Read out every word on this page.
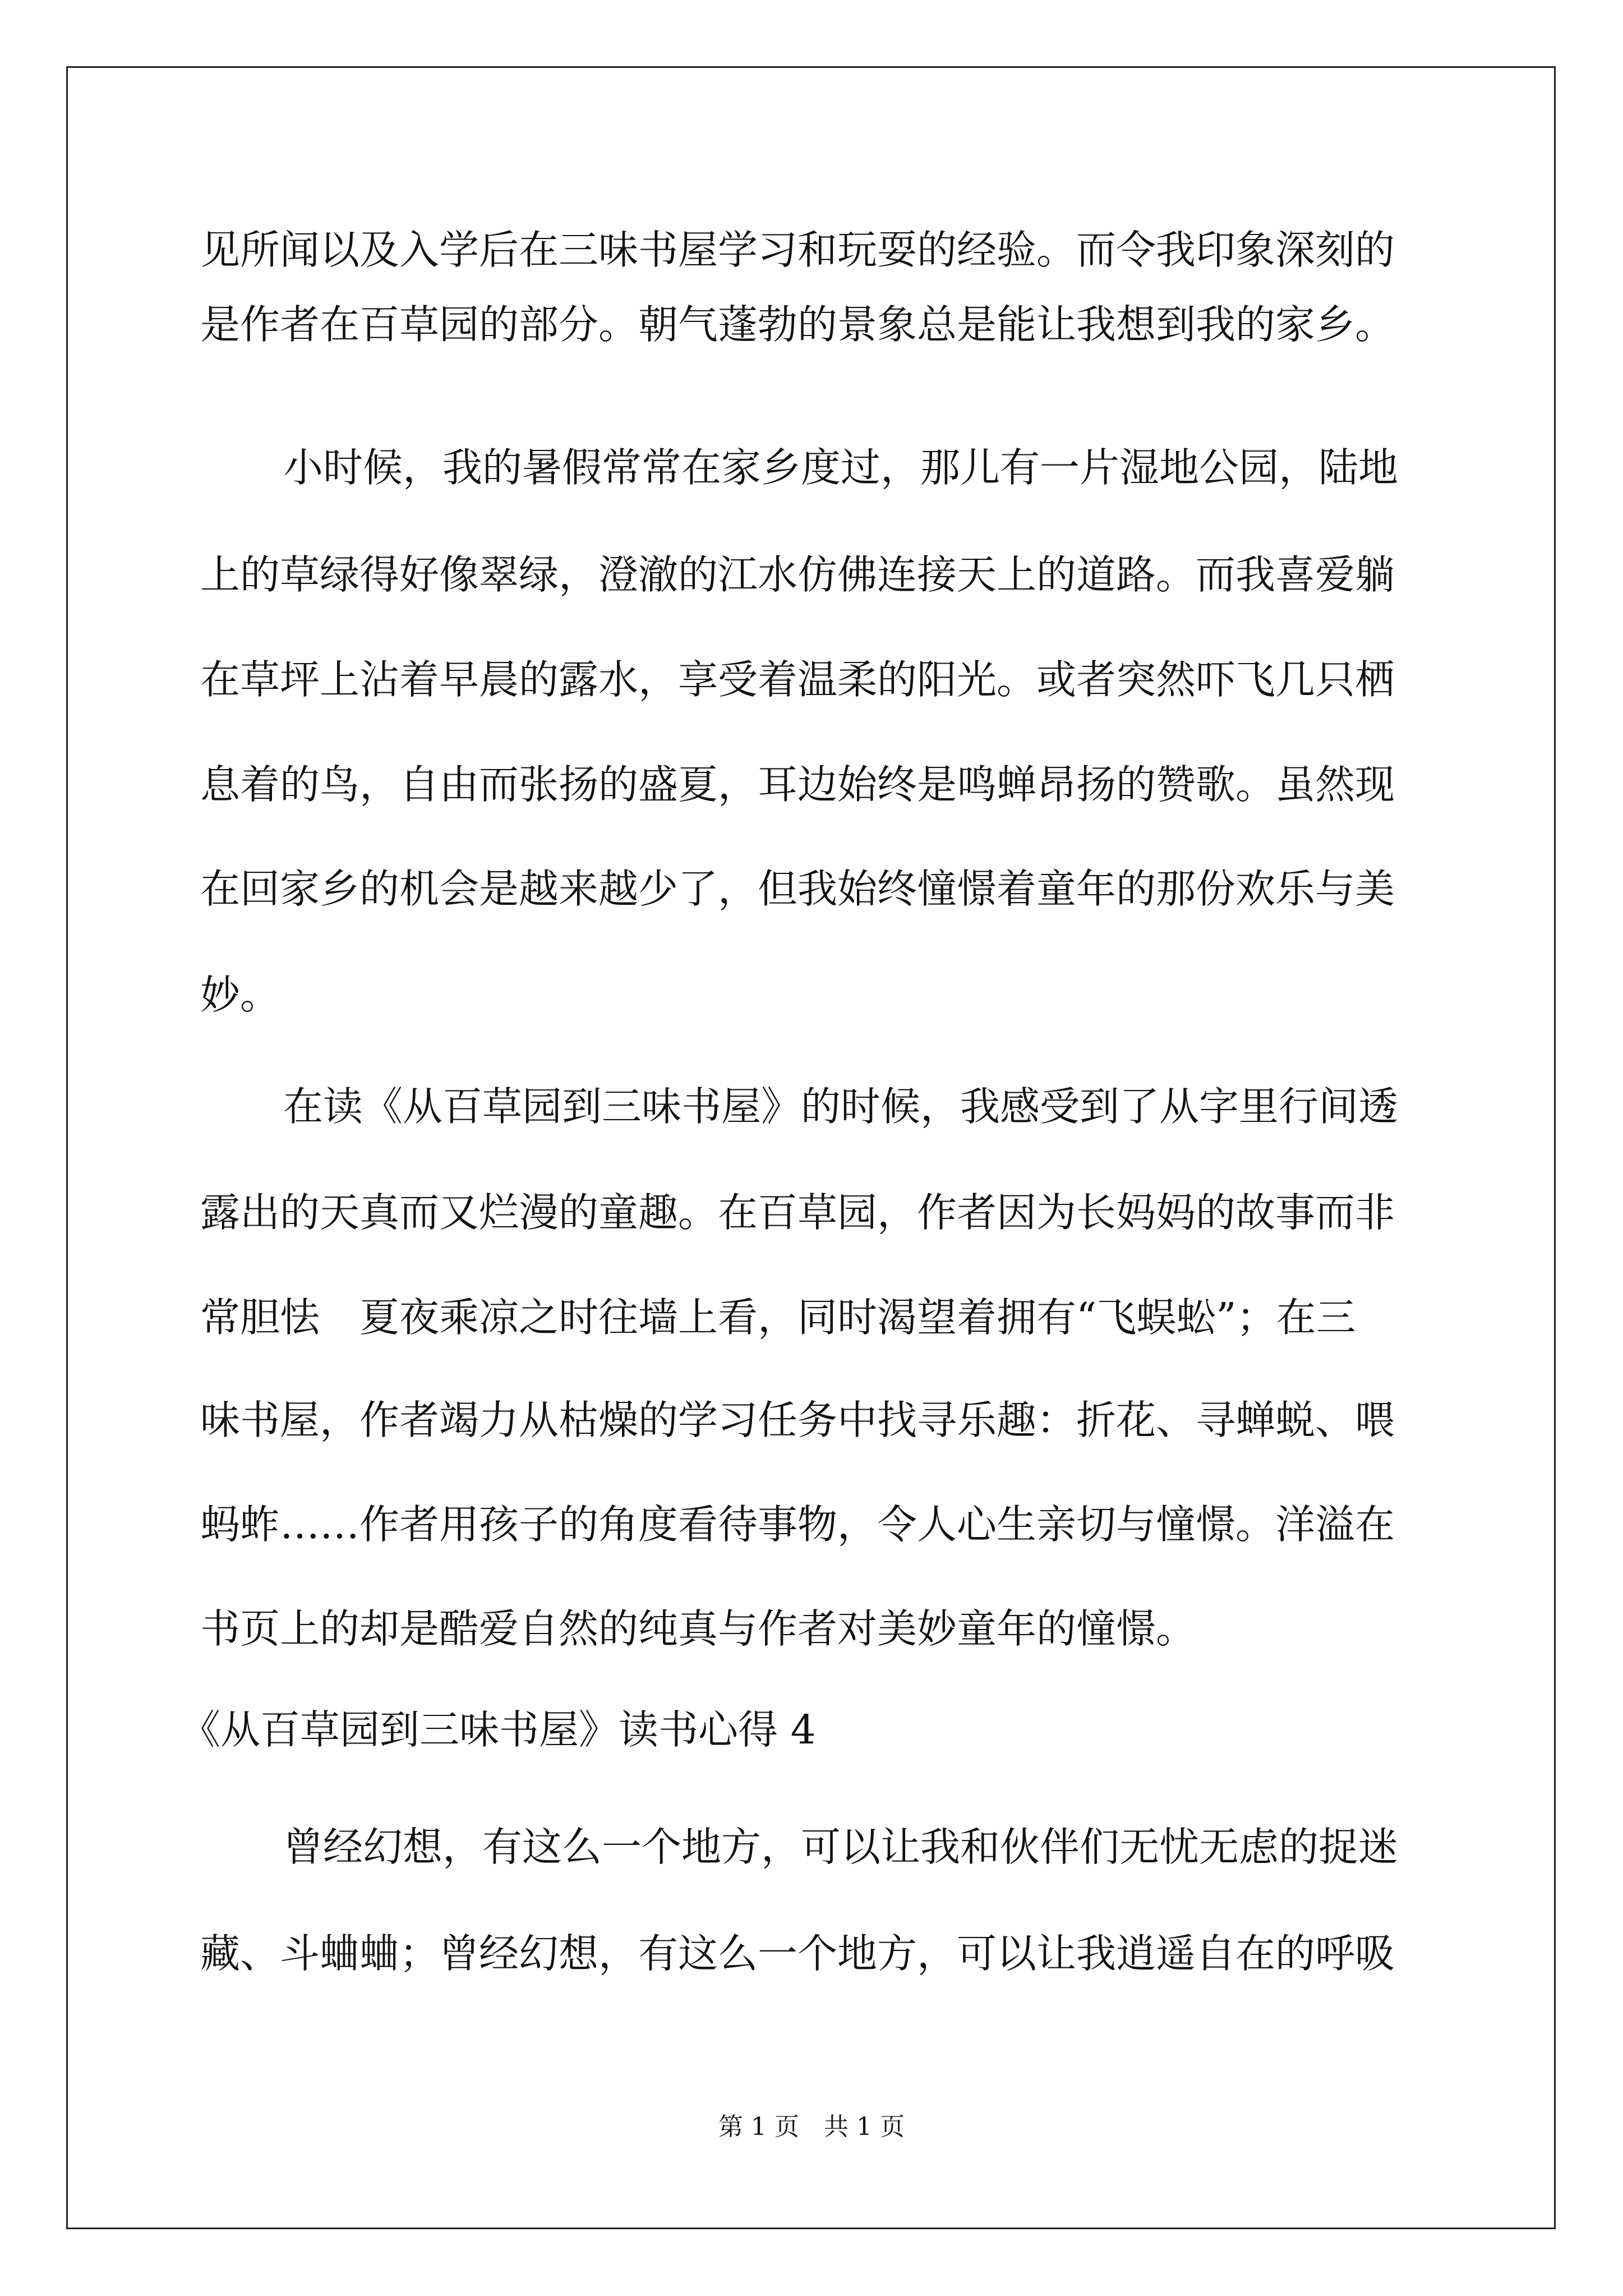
见所闻以及入学后在三味书屋学习和玩耍的经验。而令我印象深刻的
是作者在百草园的部分。朝气蓬勃的景象总是能让我想到我的家乡。
小时候，我的暑假常常在家乡度过，那儿有一片湿地公园，陆地
上的草绿得好像翠绿，澄澈的江水仿佛连接天上的道路。而我喜爱躺
在草坪上沾着早晨的露水，享受着温柔的阳光。或者突然吓飞几只栖
息着的鸟，自由而张扬的盛夏，耳边始终是鸣蝉昂扬的赞歌。虽然现
在回家乡的机会是越来越少了，但我始终憧憬着童年的那份欢乐与美
妙。
在读《从百草园到三味书屋》的时候，我感受到了从字里行间透
露出的天真而又烂漫的童趣。在百草园，作者因为长妈妈的故事而非
常胆怯　夏夜乘凉之时往墙上看，同时渴望着拥有“飞蜈蚣”；在三
味书屋，作者竭力从枯燥的学习任务中找寻乐趣：折花、寻蝉蜕、喂
蚂蚱……作者用孩子的角度看待事物，令人心生亲切与憧憬。洋溢在
书页上的却是酷爱自然的纯真与作者对美妙童年的憧憬。
《从百草园到三味书屋》读书心得 4
曾经幻想，有这么一个地方，可以让我和伙伴们无忧无虑的捉迷
藏、斗蛐蛐；曾经幻想，有这么一个地方，可以让我逍遥自在的呼吸
第 1 页　共 1 页
